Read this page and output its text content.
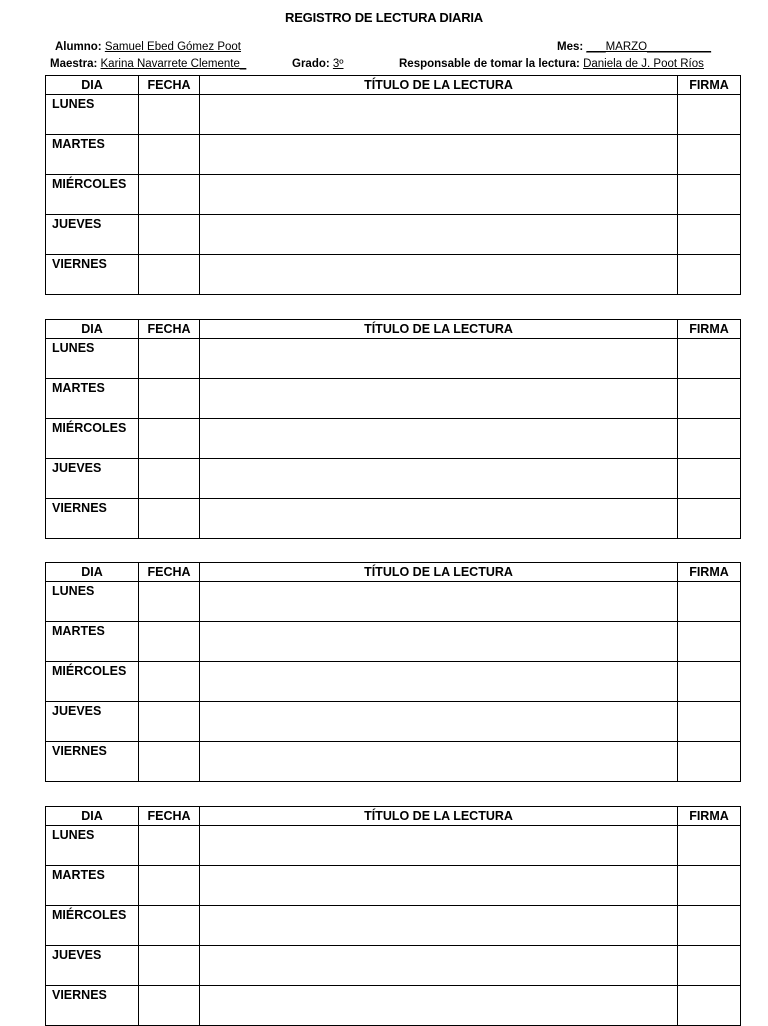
REGISTRO DE LECTURA DIARIA
Alumno: Samuel Ebed Gómez Poot	Mes: ___MARZO__________
Maestra: Karina Navarrete Clemente_	Grado: 3º	Responsable de tomar la lectura: Daniela de J. Poot Ríos
DIA	FECHA	TÍTULO DE LA LECTURA	FIRMA
LUNES			
MARTES			
MIÉRCOLES			
JUEVES			
VIERNES			
DIA	FECHA	TÍTULO DE LA LECTURA	FIRMA
LUNES			
MARTES			
MIÉRCOLES			
JUEVES			
VIERNES			
DIA	FECHA	TÍTULO DE LA LECTURA	FIRMA
LUNES			
MARTES			
MIÉRCOLES			
JUEVES			
VIERNES			
DIA	FECHA	TÍTULO DE LA LECTURA	FIRMA
LUNES			
MARTES			
MIÉRCOLES			
JUEVES			
VIERNES			
